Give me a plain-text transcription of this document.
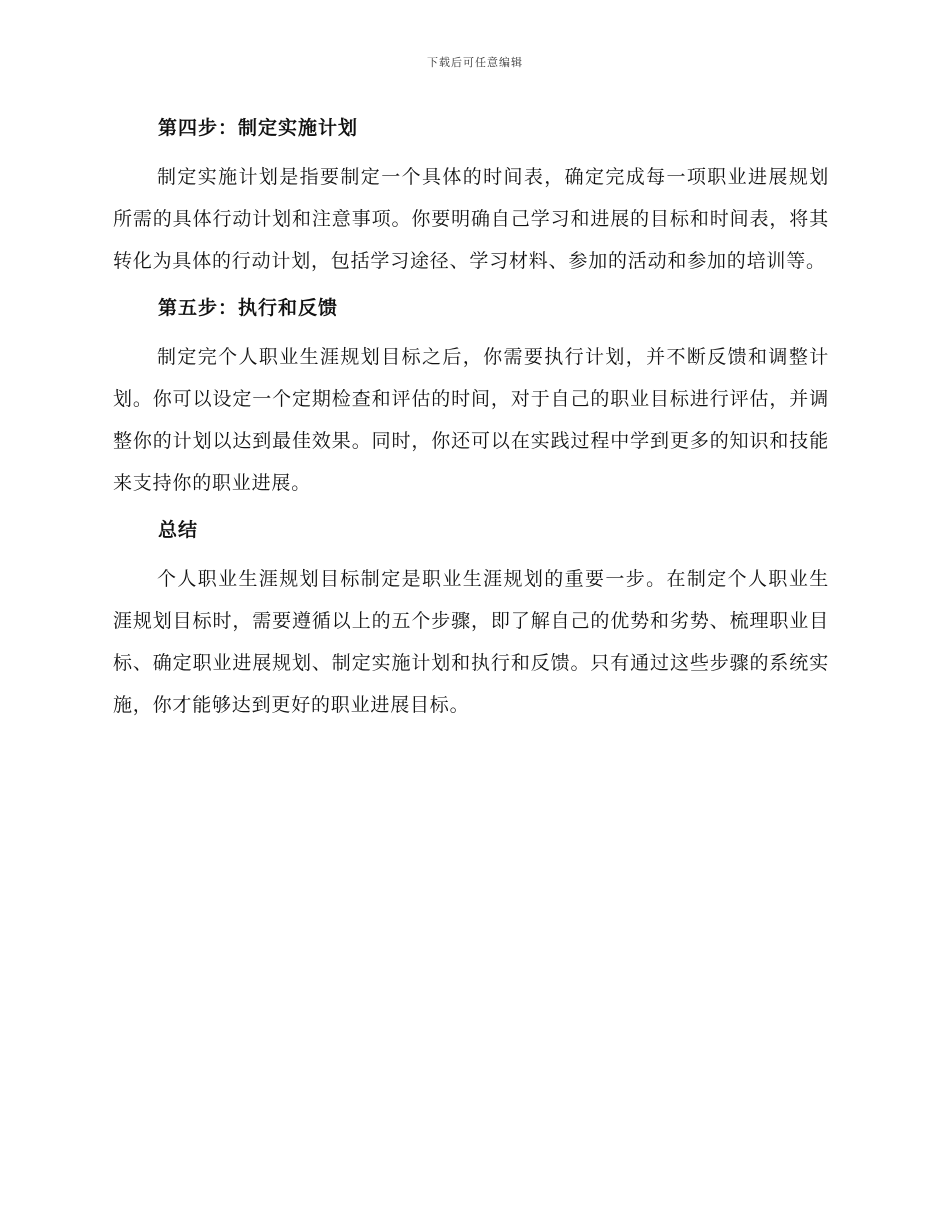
下载后可任意编辑
第四步：制定实施计划

制定实施计划是指要制定一个具体的时间表，确定完成每一项职业进展规划所需的具体行动计划和注意事项。你要明确自己学习和进展的目标和时间表，将其转化为具体的行动计划，包括学习途径、学习材料、参加的活动和参加的培训等。

第五步：执行和反馈

制定完个人职业生涯规划目标之后，你需要执行计划，并不断反馈和调整计划。你可以设定一个定期检查和评估的时间，对于自己的职业目标进行评估，并调整你的计划以达到最佳效果。同时，你还可以在实践过程中学到更多的知识和技能来支持你的职业进展。

总结

个人职业生涯规划目标制定是职业生涯规划的重要一步。在制定个人职业生涯规划目标时，需要遵循以上的五个步骤，即了解自己的优势和劣势、梳理职业目标、确定职业进展规划、制定实施计划和执行和反馈。只有通过这些步骤的系统实施，你才能够达到更好的职业进展目标。
